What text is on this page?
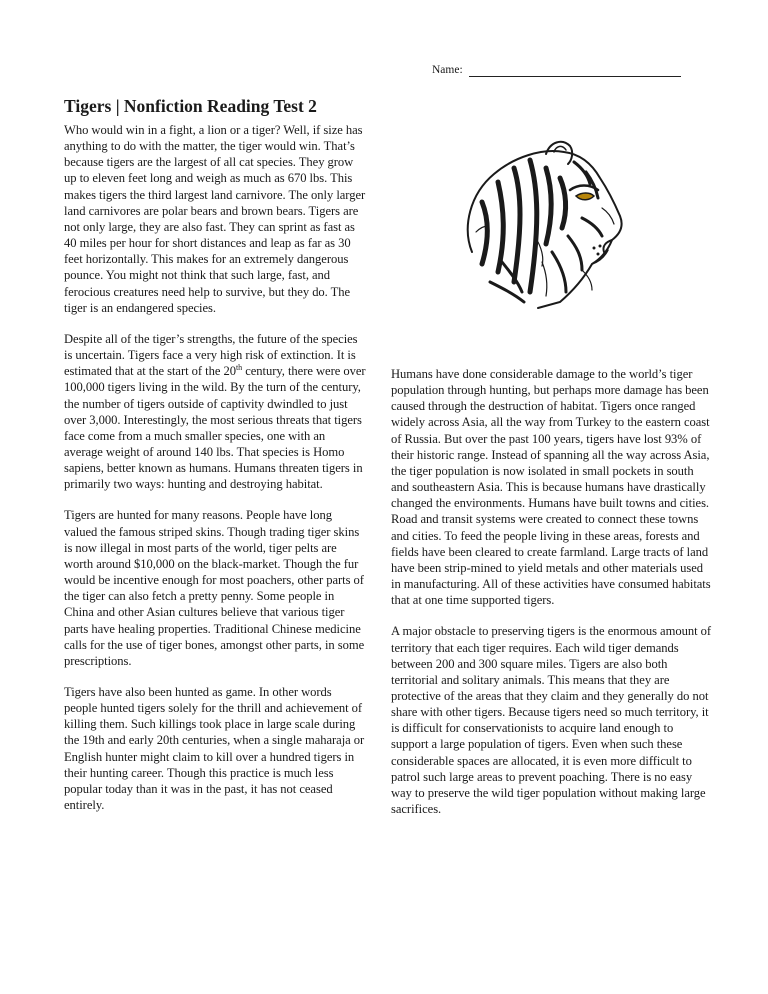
Name:
Tigers | Nonfiction Reading Test 2

Who would win in a fight, a lion or a tiger? Well, if size has anything to do with the matter, the tiger would win. That’s because tigers are the largest of all cat species. They grow up to eleven feet long and weigh as much as 670 lbs. This makes tigers the third largest land carnivore. The only larger land carnivores are polar bears and brown bears. Tigers are not only large, they are also fast. They can sprint as fast as 40 miles per hour for short distances and leap as far as 30 feet horizontally. This makes for an extremely dangerous pounce. You might not think that such large, fast, and ferocious creatures need help to survive, but they do. The tiger is an endangered species.

Despite all of the tiger’s strengths, the future of the species is uncertain. Tigers face a very high risk of extinction. It is estimated that at the start of the 20th century, there were over 100,000 tigers living in the wild. By the turn of the century, the number of tigers outside of captivity dwindled to just over 3,000. Interestingly, the most serious threats that tigers face come from a much smaller species, one with an average weight of around 140 lbs. That species is Homo sapiens, better known as humans. Humans threaten tigers in primarily two ways: hunting and destroying habitat.

Tigers are hunted for many reasons. People have long valued the famous striped skins. Though trading tiger skins is now illegal in most parts of the world, tiger pelts are worth around $10,000 on the black-market. Though the fur would be incentive enough for most poachers, other parts of the tiger can also fetch a pretty penny. Some people in China and other Asian cultures believe that various tiger parts have healing properties. Traditional Chinese medicine calls for the use of tiger bones, amongst other parts, in some prescriptions.

Tigers have also been hunted as game. In other words people hunted tigers solely for the thrill and achievement of killing them. Such killings took place in large scale during the 19th and early 20th centuries, when a single maharaja or English hunter might claim to kill over a hundred tigers in their hunting career. Though this practice is much less popular today than it was in the past, it has not ceased entirely.

Humans have done considerable damage to the world’s tiger population through hunting, but perhaps more damage has been caused through the destruction of habitat. Tigers once ranged widely across Asia, all the way from Turkey to the eastern coast of Russia. But over the past 100 years, tigers have lost 93% of their historic range. Instead of spanning all the way across Asia, the tiger population is now isolated in small pockets in south and southeastern Asia. This is because humans have drastically changed the environments. Humans have built towns and cities. Road and transit systems were created to connect these towns and cities. To feed the people living in these areas, forests and fields have been cleared to create farmland. Large tracts of land have been strip-mined to yield metals and other materials used in manufacturing. All of these activities have consumed habitats that at one time supported tigers.

A major obstacle to preserving tigers is the enormous amount of territory that each tiger requires. Each wild tiger demands between 200 and 300 square miles. Tigers are also both territorial and solitary animals. This means that they are protective of the areas that they claim and they generally do not share with other tigers. Because tigers need so much territory, it is difficult for conservationists to acquire land enough to support a large population of tigers. Even when such these considerable spaces are allocated, it is even more difficult to patrol such large areas to prevent poaching. There is no easy way to preserve the wild tiger population without making large sacrifices.
